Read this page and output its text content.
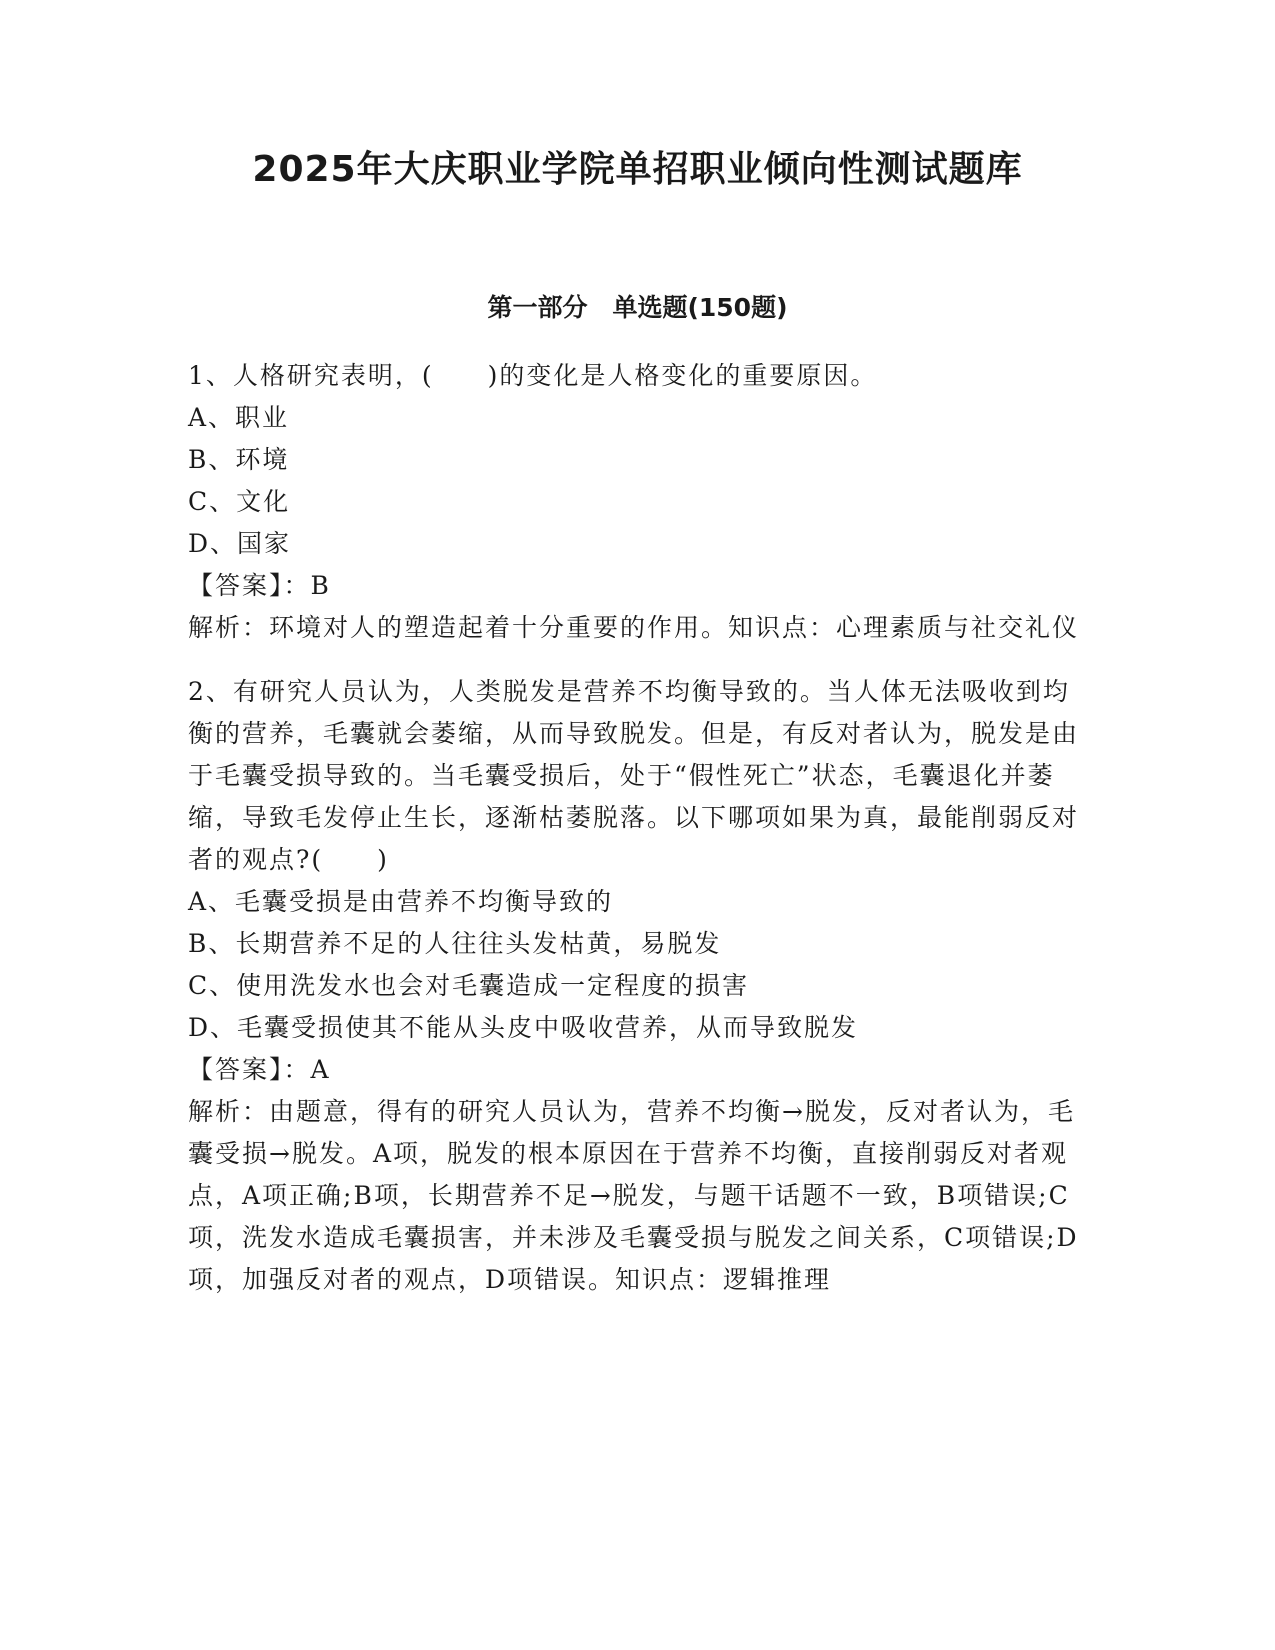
2025年大庆职业学院单招职业倾向性测试题库
第一部分　单选题(150题)

1、人格研究表明，(　　)的变化是人格变化的重要原因。

A、职业

B、环境

C、文化

D、国家

【答案】：B

解析：环境对人的塑造起着十分重要的作用。知识点：心理素质与社交礼仪

2、有研究人员认为，人类脱发是营养不均衡导致的。当人体无法吸收到均衡的营养，毛囊就会萎缩，从而导致脱发。但是，有反对者认为，脱发是由于毛囊受损导致的。当毛囊受损后，处于“假性死亡”状态，毛囊退化并萎缩，导致毛发停止生长，逐渐枯萎脱落。以下哪项如果为真，最能削弱反对者的观点?(　　)

A、毛囊受损是由营养不均衡导致的

B、长期营养不足的人往往头发枯黄，易脱发

C、使用洗发水也会对毛囊造成一定程度的损害

D、毛囊受损使其不能从头皮中吸收营养，从而导致脱发

【答案】：A

解析：由题意，得有的研究人员认为，营养不均衡→脱发，反对者认为，毛囊受损→脱发。A项，脱发的根本原因在于营养不均衡，直接削弱反对者观点，A项正确;B项，长期营养不足→脱发，与题干话题不一致，B项错误;C项，洗发水造成毛囊损害，并未涉及毛囊受损与脱发之间关系，C项错误;D项，加强反对者的观点，D项错误。知识点：逻辑推理
